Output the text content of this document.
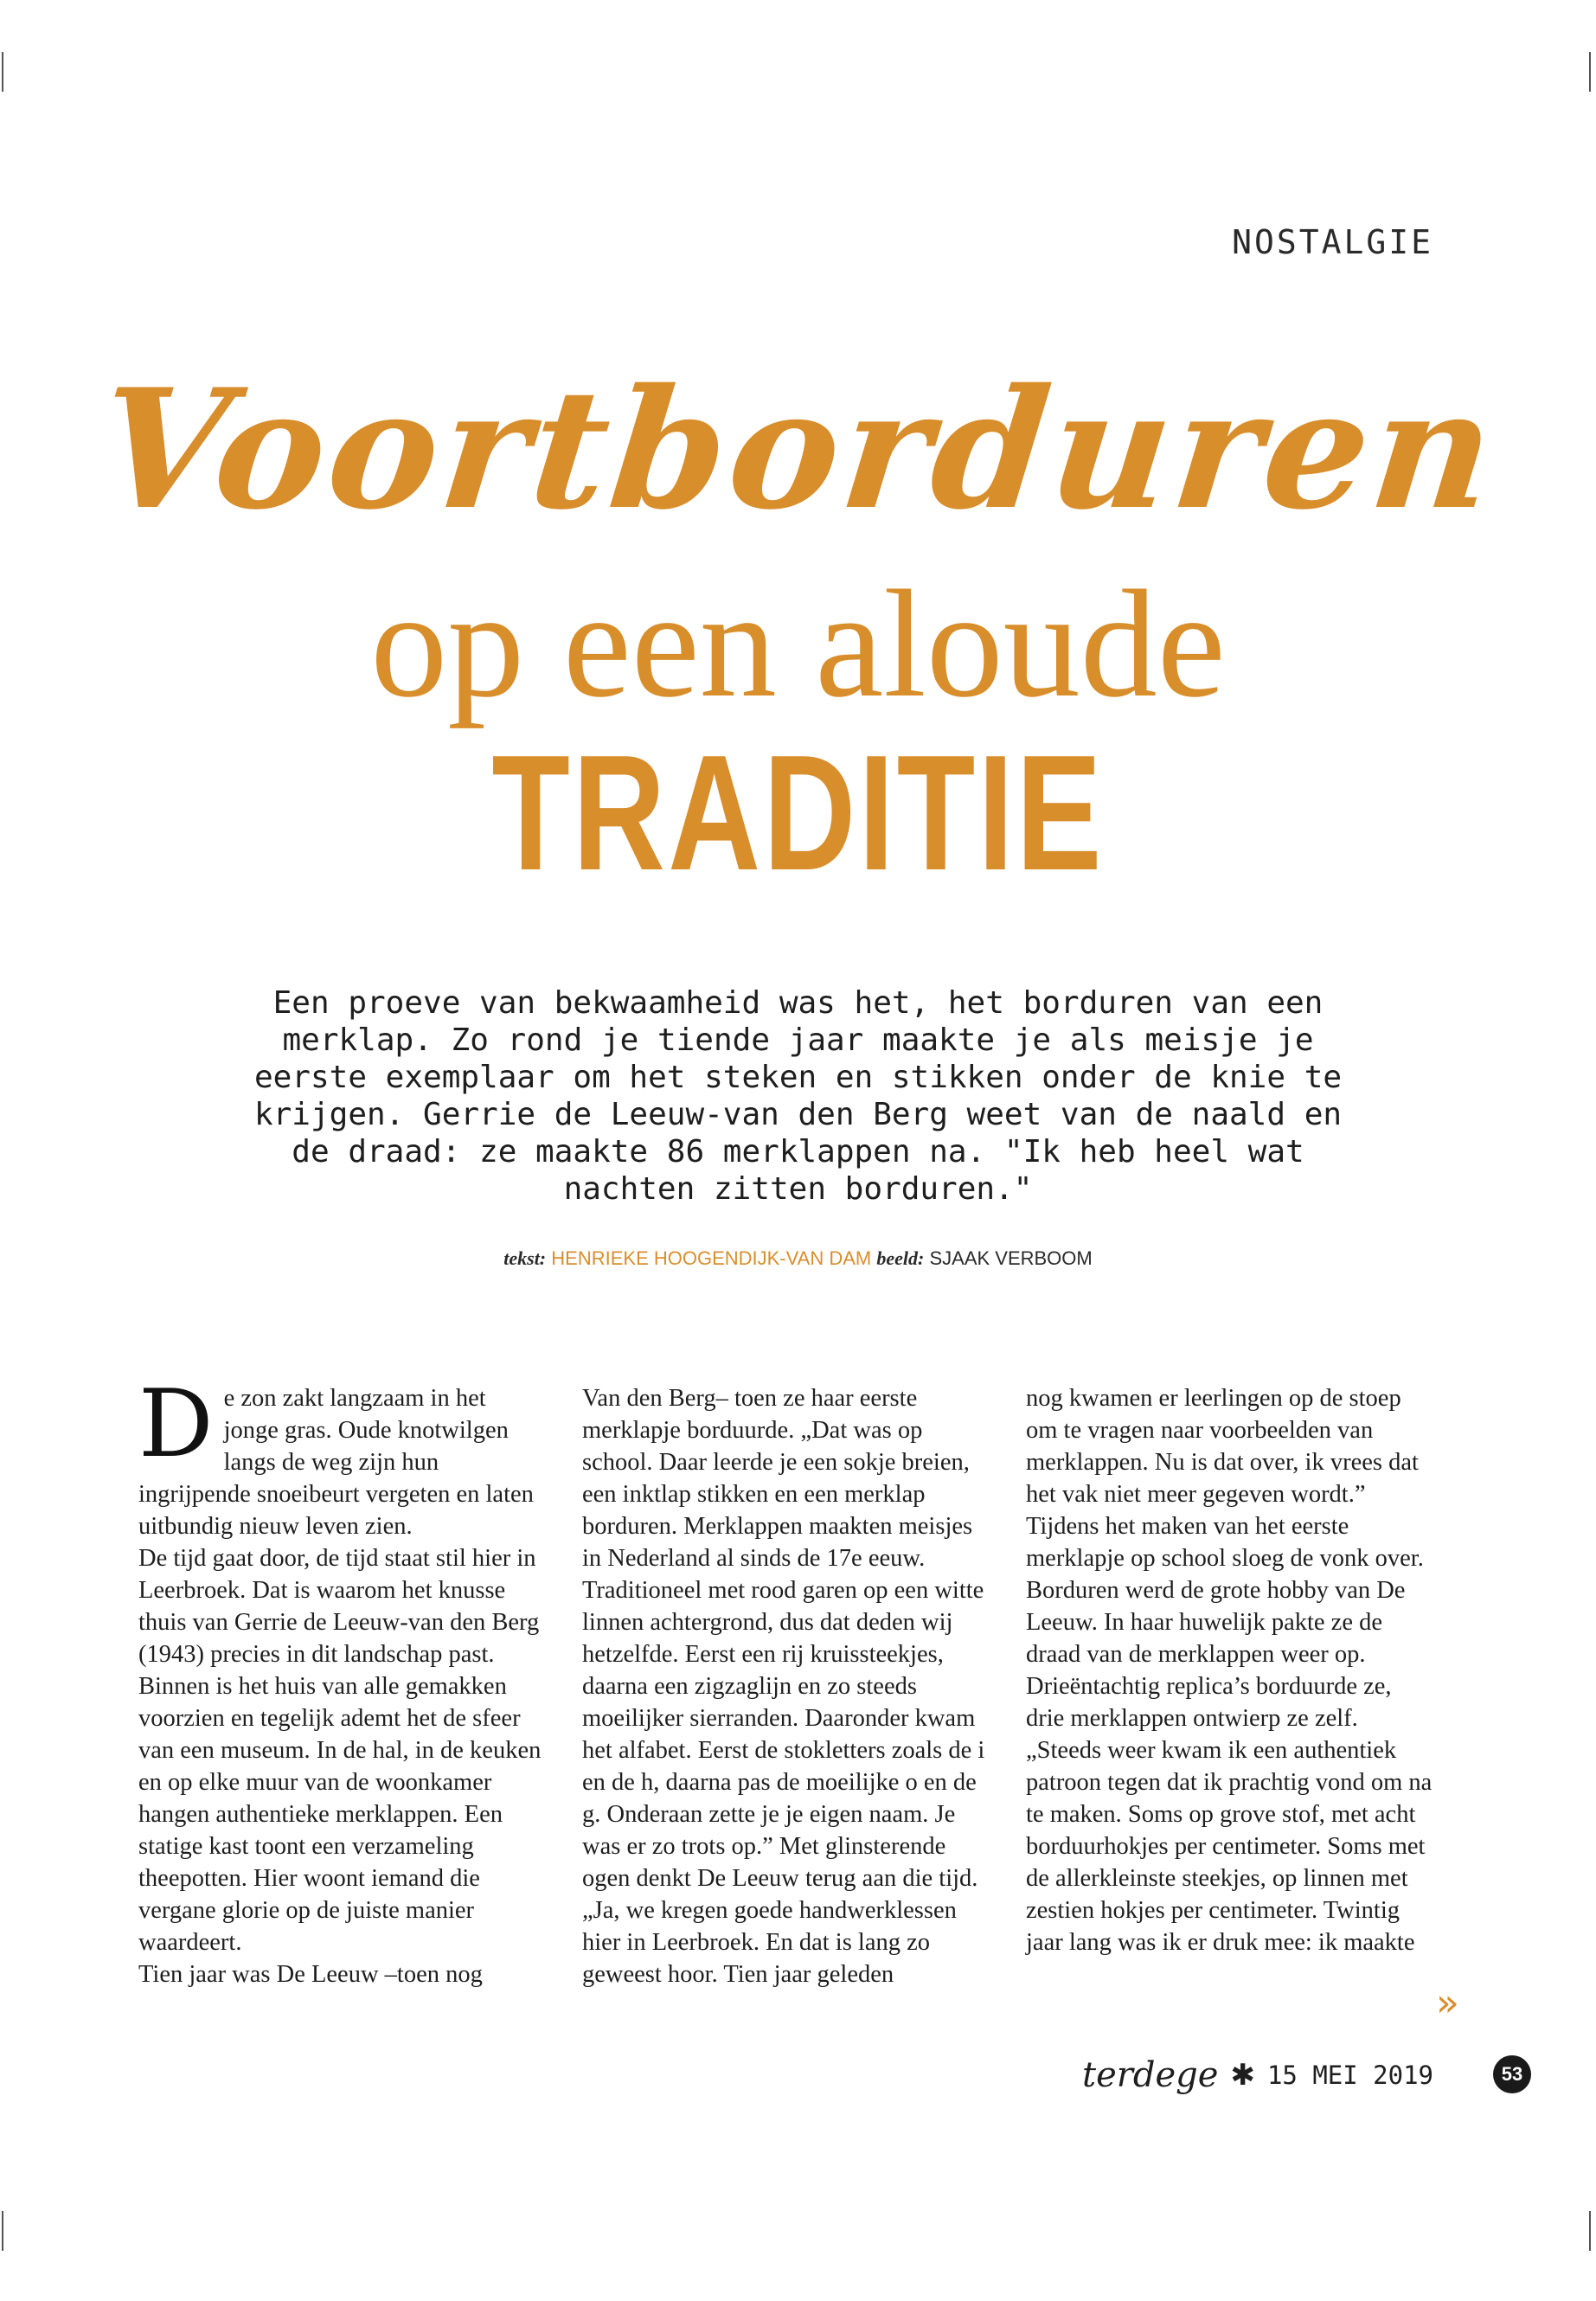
NOSTALGIE
Voortborduren
op een aloude
TRADITIE

Een proeve van bekwaamheid was het, het borduren van een merklap. Zo rond je tiende jaar maakte je als meisje je eerste exemplaar om het steken en stikken onder de knie te krijgen. Gerrie de Leeuw-van den Berg weet van de naald en de draad: ze maakte 86 merklappen na. "Ik heb heel wat nachten zitten borduren."

tekst: HENRIEKE HOOGENDIJK-VAN DAM beeld: SJAAK VERBOOM
D e zon zakt langzaam in het jonge gras. Oude knotwilgen langs de weg zijn hun ingrijpende snoeibeurt vergeten en laten uitbundig nieuw leven zien.

De tijd gaat door, de tijd staat stil hier in Leerbroek. Dat is waarom het knusse thuis van Gerrie de Leeuw-van den Berg (1943) precies in dit landschap past. Binnen is het huis van alle gemakken voorzien en tegelijk ademt het de sfeer van een museum. In de hal, in de keuken en op elke muur van de woonkamer hangen authentieke merklappen. Een statige kast toont een verzameling theepotten. Hier woont iemand die vergane glorie op de juiste manier waardeert.

Tien jaar was De Leeuw –toen nog

Van den Berg– toen ze haar eerste merklapje borduurde. „Dat was op school. Daar leerde je een sokje breien, een inktlap stikken en een merklap borduren. Merklappen maakten meisjes in Nederland al sinds de 17e eeuw. Traditioneel met rood garen op een witte linnen achtergrond, dus dat deden wij hetzelfde. Eerst een rij kruissteekjes, daarna een zigzaglijn en zo steeds moeilijker sierranden. Daaronder kwam het alfabet. Eerst de stokletters zoals de i en de h, daarna pas de moeilijke o en de g. Onderaan zette je je eigen naam. Je was er zo trots op.” Met glinsterende ogen denkt De Leeuw terug aan die tijd. „Ja, we kregen goede handwerklessen hier in Leerbroek. En dat is lang zo geweest hoor. Tien jaar geleden

nog kwamen er leerlingen op de stoep om te vragen naar voorbeelden van merklappen. Nu is dat over, ik vrees dat het vak niet meer gegeven wordt.”

Tijdens het maken van het eerste merklapje op school sloeg de vonk over. Borduren werd de grote hobby van De Leeuw. In haar huwelijk pakte ze de draad van de merklappen weer op. Drieëntachtig replica’s borduurde ze, drie merklappen ontwierp ze zelf. „Steeds weer kwam ik een authentiek patroon tegen dat ik prachtig vond om na te maken. Soms op grove stof, met acht borduurhokjes per centimeter. Soms met de allerkleinste steekjes, op linnen met zestien hokjes per centimeter. Twintig jaar lang was ik er druk mee: ik maakte

»
terdege ✱ 15 MEI 2019	53
